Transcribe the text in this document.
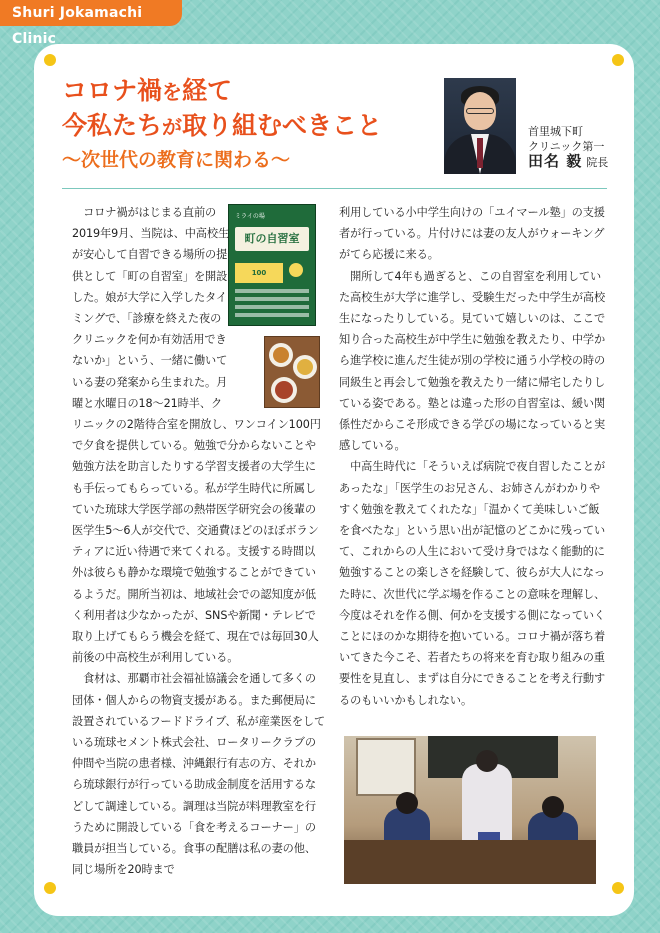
Shuri Jokamachi Clinic
コロナ禍を経て
今私たちが取り組むべきこと
〜次世代の教育に関わる〜
首里城下町
クリニック第一
田名 毅 院長
ミライの場
町の自習室
100

　コロナ禍がはじまる直前の2019年9月、当院は、中高校生が安心して自習できる場所の提供として「町の自習室」を開設した。娘が大学に入学したタイミングで、「診療を終えた夜のクリニックを何か有効活用できないか」という、一緒に働いている妻の発案から生まれた。月曜と水曜日の18〜21時半、クリニックの2階待合室を開放し、ワンコイン100円で夕食を提供している。勉強で分からないことや勉強方法を助言したりする学習支援者の大学生にも手伝ってもらっている。私が学生時代に所属していた琉球大学医学部の熱帯医学研究会の後輩の医学生5〜6人が交代で、交通費ほどのほぼボランティアに近い待遇で来てくれる。支援する時間以外は彼らも静かな環境で勉強することができているようだ。開所当初は、地域社会での認知度が低く利用者は少なかったが、SNSや新聞・テレビで取り上げてもらう機会を経て、現在では毎回30人前後の中高校生が利用している。

　食材は、那覇市社会福祉協議会を通して多くの団体・個人からの物資支援がある。また郵便局に設置されているフードドライブ、私が産業医をしている琉球セメント株式会社、ロータリークラブの仲間や当院の患者様、沖縄銀行有志の方、それから琉球銀行が行っている助成金制度を活用するなどして調達している。調理は当院が料理教室を行うために開設している「食を考えるコーナー」の職員が担当している。食事の配膳は私の妻の他、同じ場所を20時まで

利用している小中学生向けの「ユイマール塾」の支援者が行っている。片付けには妻の友人がウォーキングがてら応援に来る。

　開所して4年も過ぎると、この自習室を利用していた高校生が大学に進学し、受験生だった中学生が高校生になったりしている。見ていて嬉しいのは、ここで知り合った高校生が中学生に勉強を教えたり、中学から進学校に進んだ生徒が別の学校に通う小学校の時の同級生と再会して勉強を教えたり一緒に帰宅したりしている姿である。塾とは違った形の自習室は、緩い関係性だからこそ形成できる学びの場になっていると実感している。

　中高生時代に「そういえば病院で夜自習したことがあったな」「医学生のお兄さん、お姉さんがわかりやすく勉強を教えてくれたな」「温かくて美味しいご飯を食べたな」という思い出が記憶のどこかに残っていて、これからの人生において受け身ではなく能動的に勉強することの楽しさを経験して、彼らが大人になった時に、次世代に学ぶ場を作ることの意味を理解し、今度はそれを作る側、何かを支援する側になっていくことにほのかな期待を抱いている。コロナ禍が落ち着いてきた今こそ、若者たちの将来を育む取り組みの重要性を見直し、まずは自分にできることを考え行動するのもいいかもしれない。
